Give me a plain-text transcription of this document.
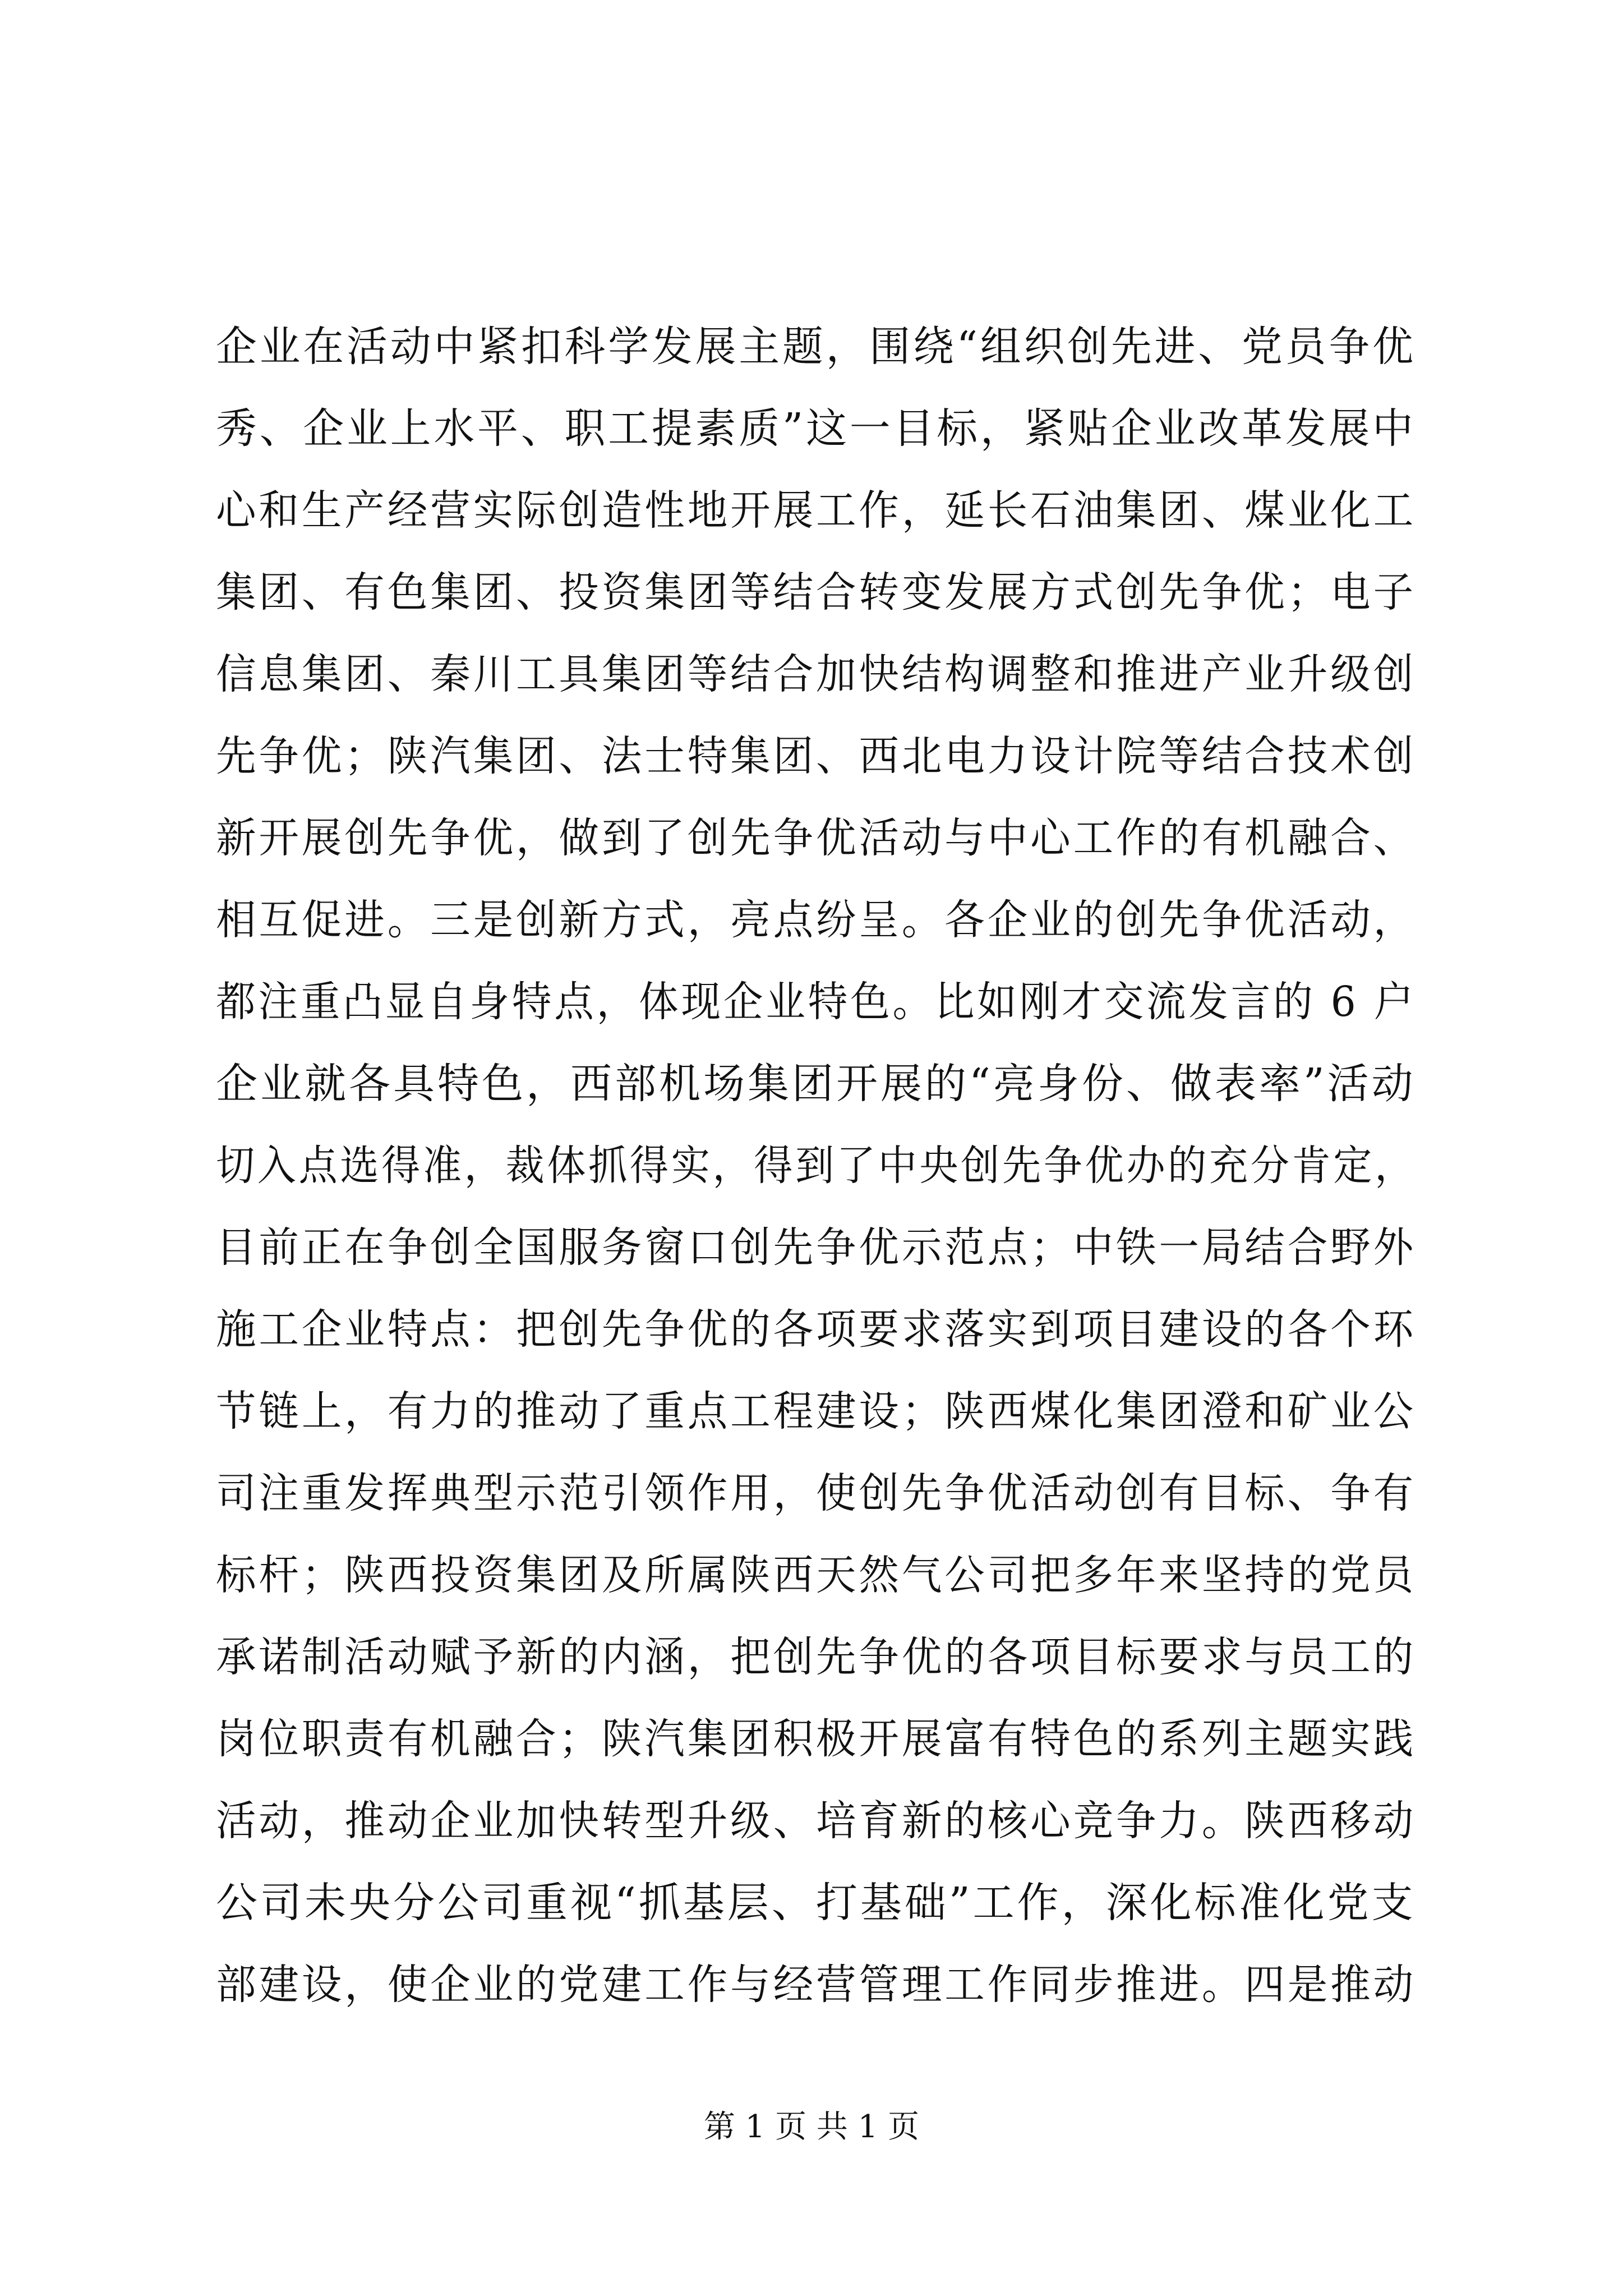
企业在活动中紧扣科学发展主题，围绕“组织创先进、党员争优
秀、企业上水平、职工提素质”这一目标，紧贴企业改革发展中
心和生产经营实际创造性地开展工作，延长石油集团、煤业化工
集团、有色集团、投资集团等结合转变发展方式创先争优；电子
信息集团、秦川工具集团等结合加快结构调整和推进产业升级创
先争优；陕汽集团、法士特集团、西北电力设计院等结合技术创
新开展创先争优，做到了创先争优活动与中心工作的有机融合、
相互促进。三是创新方式，亮点纷呈。各企业的创先争优活动，
都注重凸显自身特点，体现企业特色。比如刚才交流发言的 6 户
企业就各具特色，西部机场集团开展的“亮身份、做表率”活动
切入点选得准，裁体抓得实，得到了中央创先争优办的充分肯定，
目前正在争创全国服务窗口创先争优示范点；中铁一局结合野外
施工企业特点：把创先争优的各项要求落实到项目建设的各个环
节链上，有力的推动了重点工程建设；陕西煤化集团澄和矿业公
司注重发挥典型示范引领作用，使创先争优活动创有目标、争有
标杆；陕西投资集团及所属陕西天然气公司把多年来坚持的党员
承诺制活动赋予新的内涵，把创先争优的各项目标要求与员工的
岗位职责有机融合；陕汽集团积极开展富有特色的系列主题实践
活动，推动企业加快转型升级、培育新的核心竞争力。陕西移动
公司未央分公司重视“抓基层、打基础”工作，深化标准化党支
部建设，使企业的党建工作与经营管理工作同步推进。四是推动
第 1 页 共 1 页
